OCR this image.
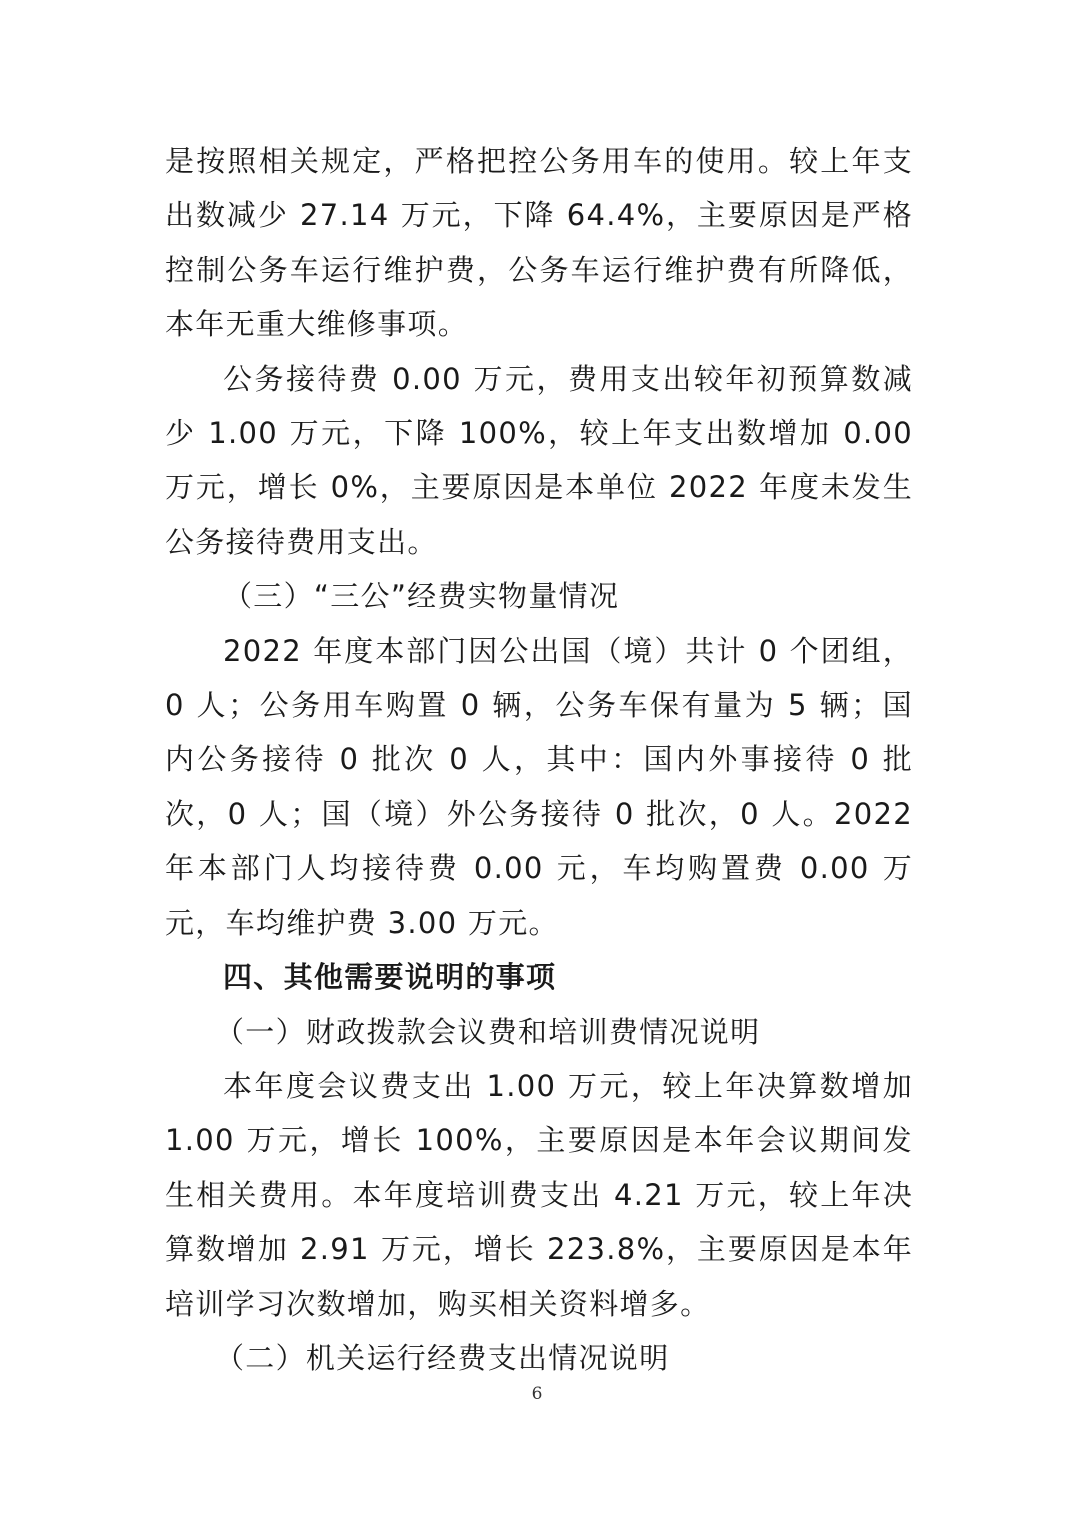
是按照相关规定，严格把控公务用车的使用。较上年支出数减少 27.14 万元，下降 64.4%，主要原因是严格控制公务车运行维护费，公务车运行维护费有所降低，本年无重大维修事项。

公务接待费 0.00 万元，费用支出较年初预算数减少 1.00 万元，下降 100%，较上年支出数增加 0.00 万元，增长 0%，主要原因是本单位 2022 年度未发生公务接待费用支出。

（三）“三公”经费实物量情况

2022 年度本部门因公出国（境）共计 0 个团组，0 人；公务用车购置 0 辆，公务车保有量为 5 辆；国内公务接待 0 批次 0 人，其中：国内外事接待 0 批次，0 人；国（境）外公务接待 0 批次，0 人。2022 年本部门人均接待费 0.00 元，车均购置费 0.00 万元，车均维护费 3.00 万元。

四、其他需要说明的事项

（一）财政拨款会议费和培训费情况说明

本年度会议费支出 1.00 万元，较上年决算数增加 1.00 万元，增长 100%，主要原因是本年会议期间发生相关费用。本年度培训费支出 4.21 万元，较上年决算数增加 2.91 万元，增长 223.8%，主要原因是本年培训学习次数增加，购买相关资料增多。

（二）机关运行经费支出情况说明

6
